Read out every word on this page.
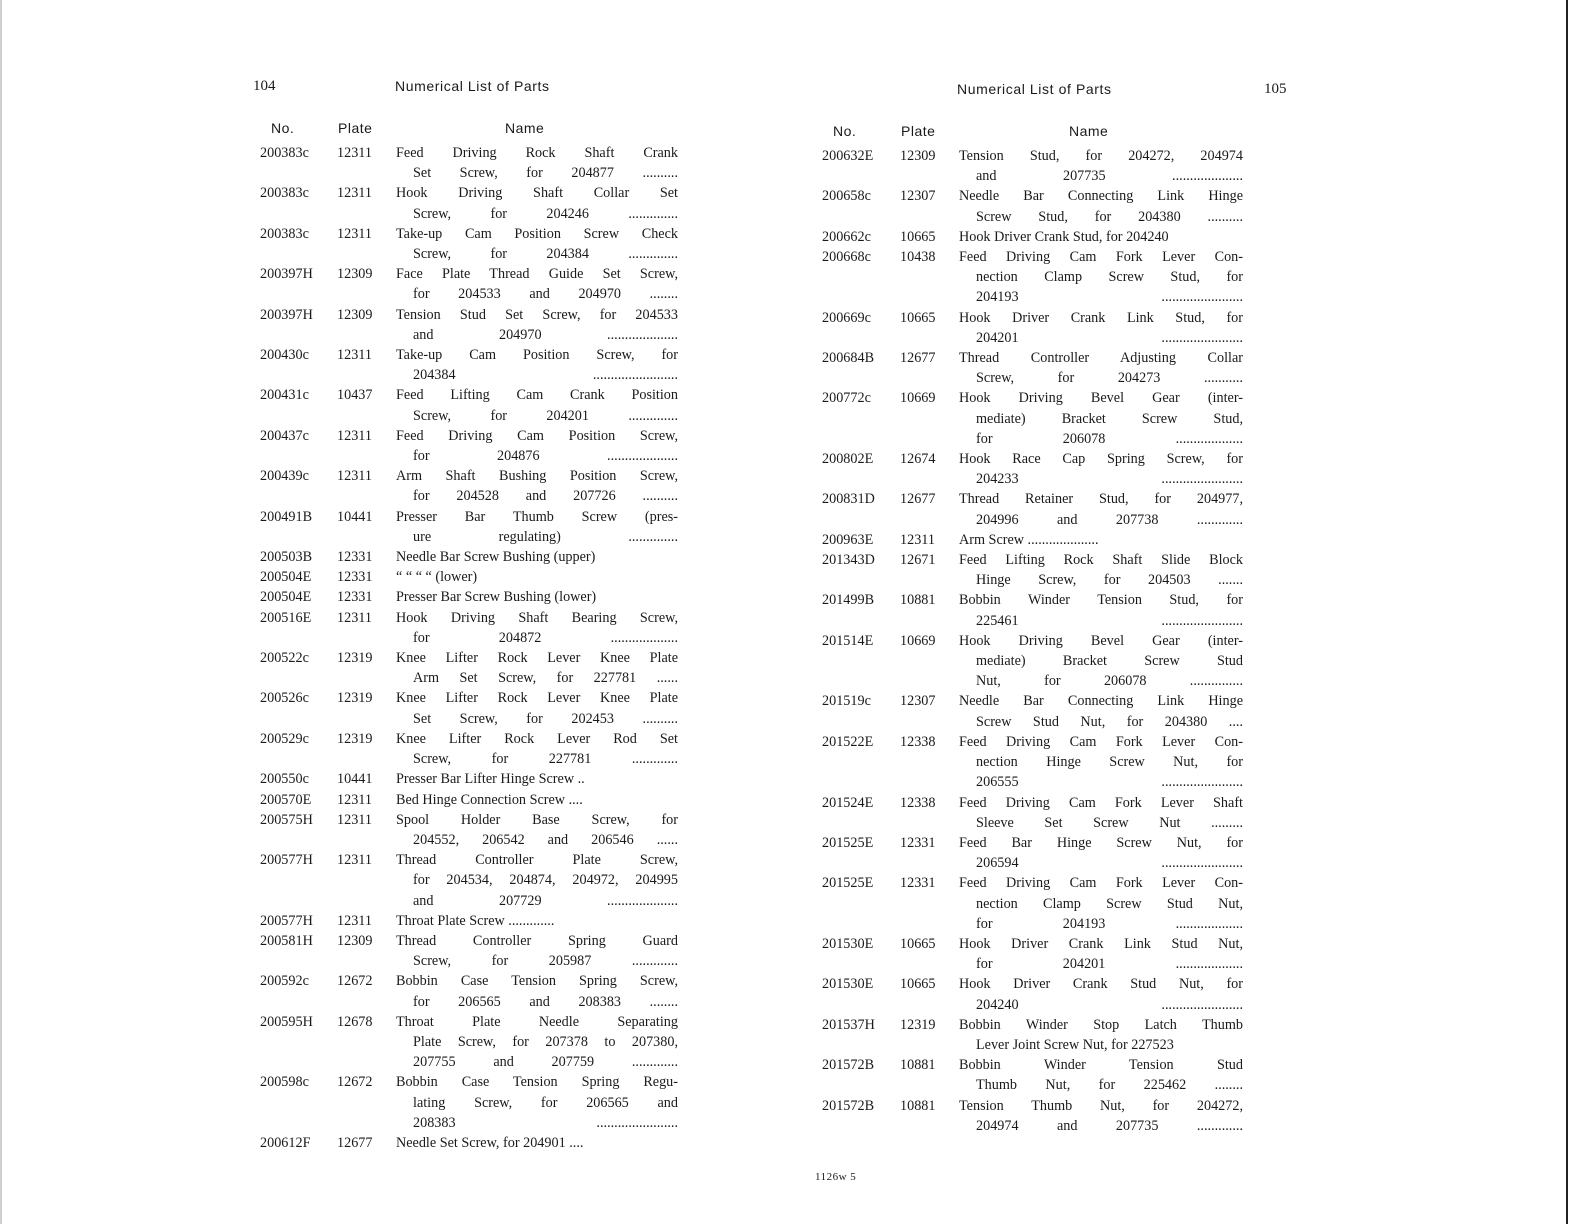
104	Numerical List of Parts
No.	Plate	Name
200383c 12311 Feed Driving Rock Shaft Crank
Set Screw, for 204877 ..........
200383c 12311 Hook Driving Shaft Collar Set
Screw, for 204246 ..............
200383c 12311 Take-up Cam Position Screw Check
Screw, for 204384 ..............
200397H 12309 Face Plate Thread Guide Set Screw,
for 204533 and 204970 ........
200397H 12309 Tension Stud Set Screw, for 204533
and 204970 ....................
200430c 12311 Take-up Cam Position Screw, for
204384 ........................
200431c 10437 Feed Lifting Cam Crank Position
Screw, for 204201 ..............
200437c 12311 Feed Driving Cam Position Screw,
for 204876 ....................
200439c 12311 Arm Shaft Bushing Position Screw,
for 204528 and 207726 ..........
200491B 10441 Presser Bar Thumb Screw (pres-
ure regulating) ..............
200503B 12331 Needle Bar Screw Bushing (upper)
200504E 12331 “ “ “ “ (lower)
200504E 12331 Presser Bar Screw Bushing (lower)
200516E 12311 Hook Driving Shaft Bearing Screw,
for 204872 ...................
200522c 12319 Knee Lifter Rock Lever Knee Plate
Arm Set Screw, for 227781 ......
200526c 12319 Knee Lifter Rock Lever Knee Plate
Set Screw, for 202453 ..........
200529c 12319 Knee Lifter Rock Lever Rod Set
Screw, for 227781 .............
200550c 10441 Presser Bar Lifter Hinge Screw ..
200570E 12311 Bed Hinge Connection Screw ....
200575H 12311 Spool Holder Base Screw, for
204552, 206542 and 206546 ......
200577H 12311 Thread Controller Plate Screw,
for 204534, 204874, 204972, 204995
and 207729 ....................
200577H 12311 Throat Plate Screw .............
200581H 12309 Thread Controller Spring Guard
Screw, for 205987 .............
200592c 12672 Bobbin Case Tension Spring Screw,
for 206565 and 208383 ........
200595H 12678 Throat Plate Needle Separating
Plate Screw, for 207378 to 207380,
207755 and 207759 .............
200598c 12672 Bobbin Case Tension Spring Regu-
lating Screw, for 206565 and
208383 .......................
200612F 12677 Needle Set Screw, for 204901 ....
Numerical List of Parts	105
No.	Plate	Name
200632E 12309 Tension Stud, for 204272, 204974
and 207735 ....................
200658c 12307 Needle Bar Connecting Link Hinge
Screw Stud, for 204380 ..........
200662c 10665 Hook Driver Crank Stud, for 204240
200668c 10438 Feed Driving Cam Fork Lever Con-
nection Clamp Screw Stud, for
204193 .......................
200669c 10665 Hook Driver Crank Link Stud, for
204201 .......................
200684B 12677 Thread Controller Adjusting Collar
Screw, for 204273 ...........
200772c 10669 Hook Driving Bevel Gear (inter-
mediate) Bracket Screw Stud,
for 206078 ...................
200802E 12674 Hook Race Cap Spring Screw, for
204233 .......................
200831D 12677 Thread Retainer Stud, for 204977,
204996 and 207738 .............
200963E 12311 Arm Screw ....................
201343D 12671 Feed Lifting Rock Shaft Slide Block
Hinge Screw, for 204503 .......
201499B 10881 Bobbin Winder Tension Stud, for
225461 .......................
201514E 10669 Hook Driving Bevel Gear (inter-
mediate) Bracket Screw Stud
Nut, for 206078 ...............
201519c 12307 Needle Bar Connecting Link Hinge
Screw Stud Nut, for 204380 ....
201522E 12338 Feed Driving Cam Fork Lever Con-
nection Hinge Screw Nut, for
206555 .......................
201524E 12338 Feed Driving Cam Fork Lever Shaft
Sleeve Set Screw Nut .........
201525E 12331 Feed Bar Hinge Screw Nut, for
206594 .......................
201525E 12331 Feed Driving Cam Fork Lever Con-
nection Clamp Screw Stud Nut,
for 204193 ...................
201530E 10665 Hook Driver Crank Link Stud Nut,
for 204201 ...................
201530E 10665 Hook Driver Crank Stud Nut, for
204240 .......................
201537H 12319 Bobbin Winder Stop Latch Thumb
Lever Joint Screw Nut, for 227523
201572B 10881 Bobbin Winder Tension Stud
Thumb Nut, for 225462 ........
201572B 10881 Tension Thumb Nut, for 204272,
204974 and 207735 .............
1126w 5
